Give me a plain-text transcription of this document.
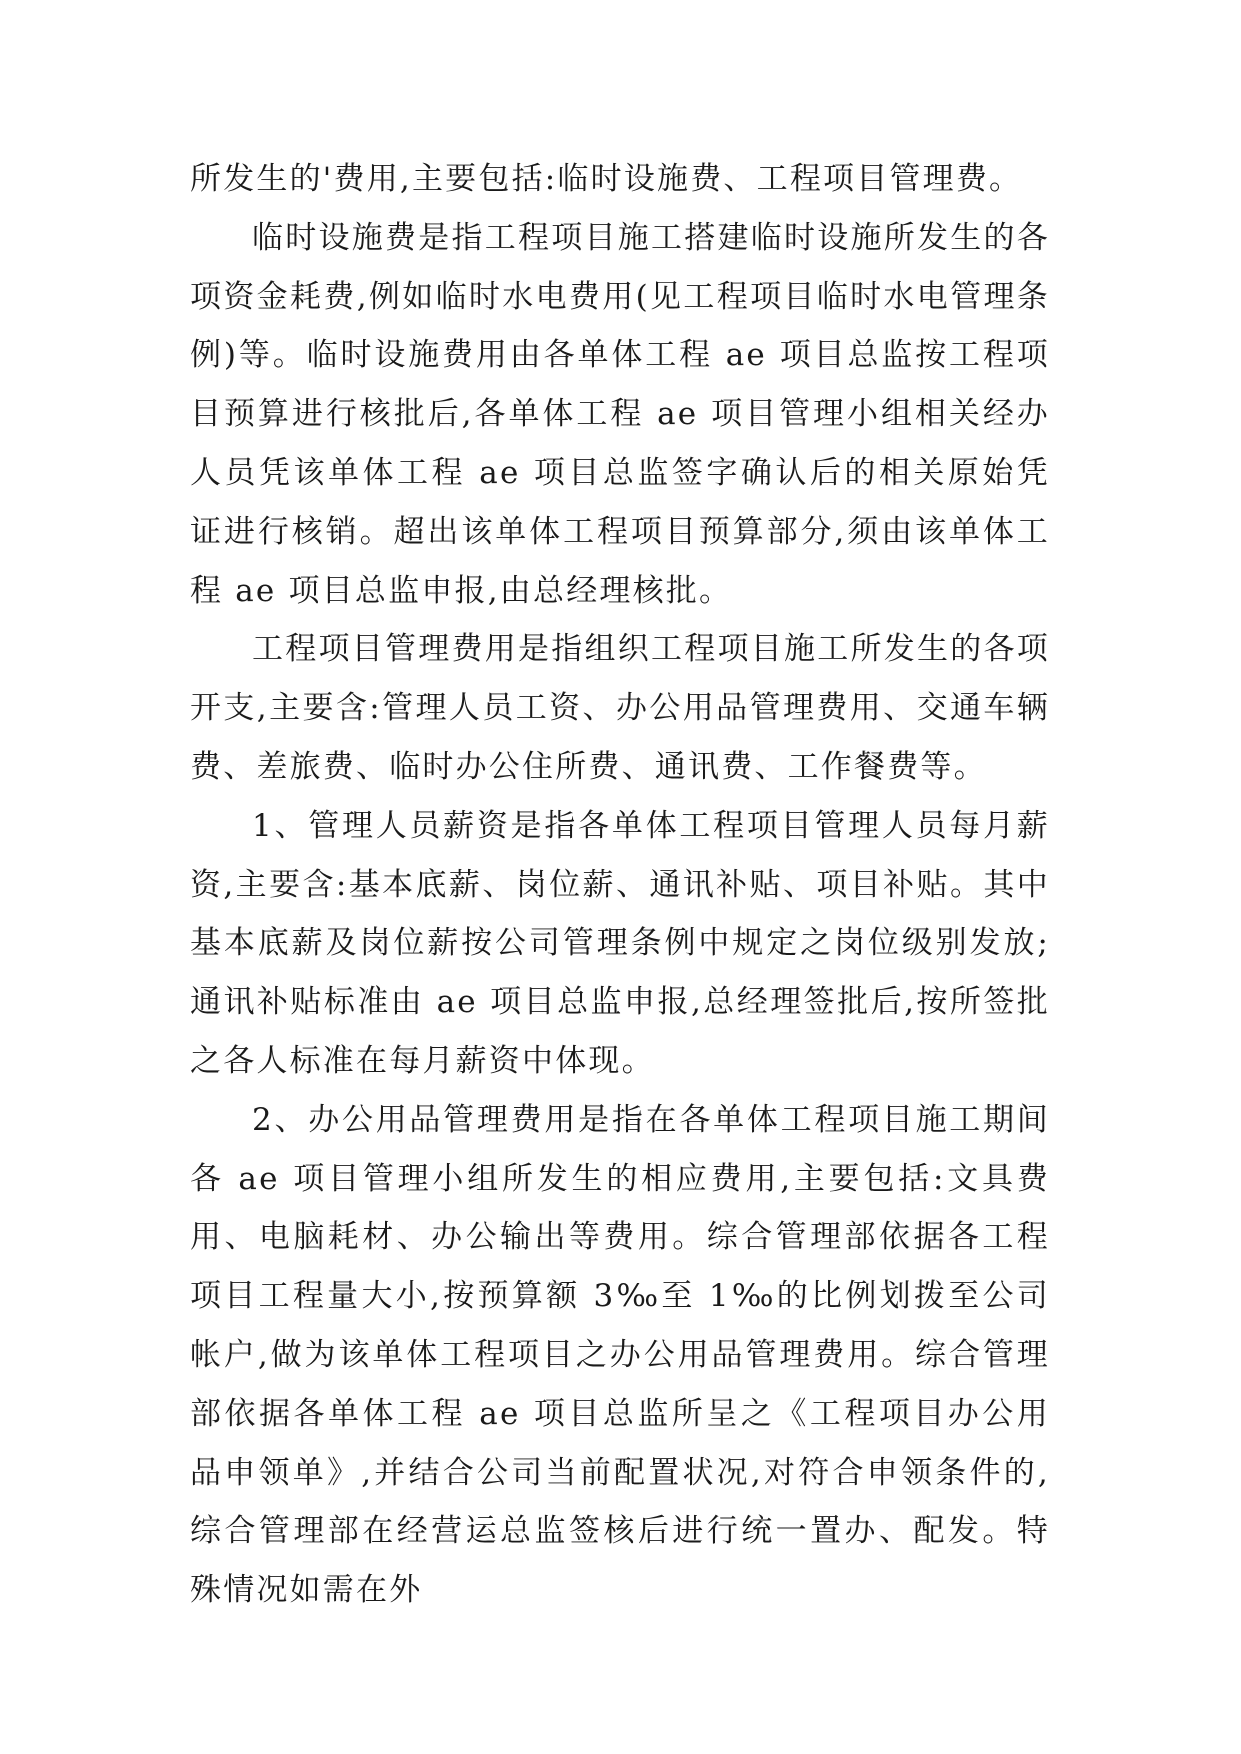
所发生的'费用,主要包括:临时设施费、工程项目管理费。

临时设施费是指工程项目施工搭建临时设施所发生的各项资金耗费,例如临时水电费用(见工程项目临时水电管理条例)等。临时设施费用由各单体工程 ae 项目总监按工程项目预算进行核批后,各单体工程 ae 项目管理小组相关经办人员凭该单体工程 ae 项目总监签字确认后的相关原始凭证进行核销。超出该单体工程项目预算部分,须由该单体工程 ae 项目总监申报,由总经理核批。

工程项目管理费用是指组织工程项目施工所发生的各项开支,主要含:管理人员工资、办公用品管理费用、交通车辆费、差旅费、临时办公住所费、通讯费、工作餐费等。

1、管理人员薪资是指各单体工程项目管理人员每月薪资,主要含:基本底薪、岗位薪、通讯补贴、项目补贴。其中基本底薪及岗位薪按公司管理条例中规定之岗位级别发放;通讯补贴标准由 ae 项目总监申报,总经理签批后,按所签批之各人标准在每月薪资中体现。

2、办公用品管理费用是指在各单体工程项目施工期间各 ae 项目管理小组所发生的相应费用,主要包括:文具费用、电脑耗材、办公输出等费用。综合管理部依据各工程项目工程量大小,按预算额 3‰至 1‰的比例划拨至公司帐户,做为该单体工程项目之办公用品管理费用。综合管理部依据各单体工程 ae 项目总监所呈之《工程项目办公用品申领单》,并结合公司当前配置状况,对符合申领条件的,综合管理部在经营运总监签核后进行统一置办、配发。特殊情况如需在外
